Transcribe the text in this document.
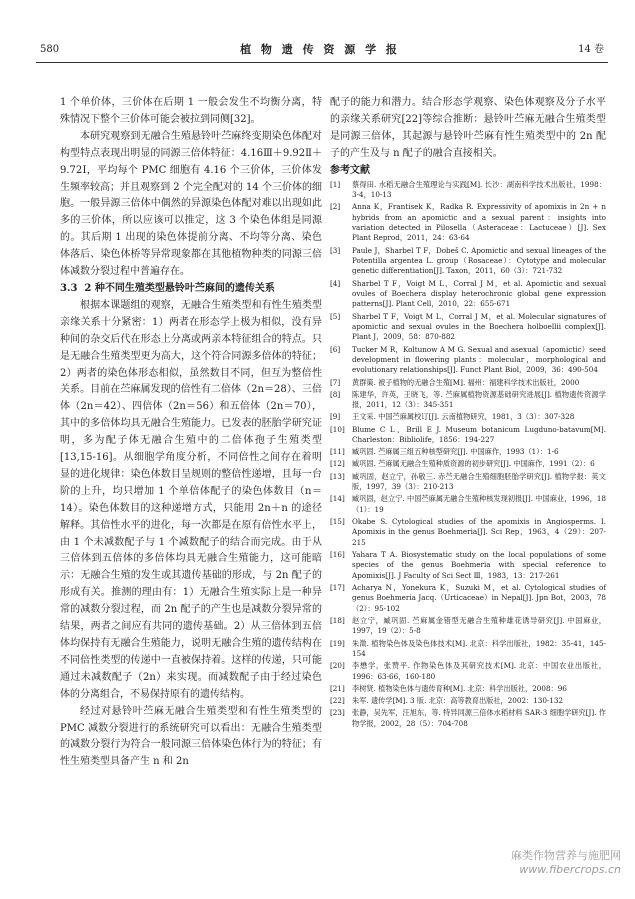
580	植 物 遗 传 资 源 学 报	14 卷

1 个单价体，三价体在后期 1 一般会发生不均衡分离，特殊情况下整个三价体可能会被拉到同侧[32]。

本研究观察到无融合生殖悬铃叶苎麻终变期染色体配对构型特点表现出明显的同源三倍体特征：4.16Ⅲ＋9.92Ⅱ＋9.72Ⅰ，平均每个 PMC 细胞有 4.16 个三价体，三价体发生频率较高；并且观察到 2 个完全配对的 14 个三价体的细胞。一般异源三倍体中偶然的异源染色体配对难以出现如此多的三价体，所以应该可以推定，这 3 个染色体组是同源的。其后期 1 出现的染色体提前分离、不均等分离、染色体落后、染色体桥等异常现象都在其他植物种类的同源三倍体减数分裂过程中普遍存在。

3.3 2 种不同生殖类型悬铃叶苎麻间的遗传关系

根据本课题组的观察，无融合生殖类型和有性生殖类型亲缘关系十分紧密：1）两者在形态学上极为相似，没有异种间的杂交后代在形态上分离或两亲本特征组合的特点。只是无融合生殖类型更为高大，这个符合同源多倍体的特征；2）两者的染色体形态相似，虽然数目不同，但互为整倍性关系。目前在苎麻属发现的倍性有二倍体（2n＝28）、三倍体（2n＝42）、四倍体（2n＝56）和五倍体（2n＝70），其中的多倍体均具无融合生殖能力。已发表的胚胎学研究证明，多为配子体无融合生殖中的二倍体孢子生殖类型[13,15-16]。从细胞学角度分析，不同倍性之间存在着明显的进化规律：染色体数目呈规则的整倍性递增，且每一台阶的上升，均只增加 1 个单倍体配子的染色体数目（n＝14）。染色体数目的这种递增方式，只能用 2n＋n 的途径解释。其倍性水平的进化，每一次都是在原有倍性水平上，由 1 个未减数配子与 1 个减数配子的结合而完成。由于从三倍体到五倍体的多倍体均具无融合生殖能力，这可能暗示：无融合生殖的发生或其遗传基础的形成，与 2n 配子的形成有关。推测的理由有：1）无融合生殖实际上是一种异常的减数分裂过程，而 2n 配子的产生也是减数分裂异常的结果，两者之间应有共同的遗传基础。2）从三倍体到五倍体均保持有无融合生殖能力，说明无融合生殖的遗传结构在不同倍性类型的传递中一直被保持着。这样的传递，只可能通过未减数配子（2n）来实现。而减数配子由于经过染色体的分离组合，不易保持原有的遗传结构。

经过对悬铃叶苎麻无融合生殖类型和有性生殖类型的 PMC 减数分裂进行的系统研究可以看出：无融合生殖类型的减数分裂行为符合一般同源三倍体染色体行为的特征；有性生殖类型具备产生 n 和 2n

配子的能力和潜力。结合形态学观察、染色体观察及分子水平的亲缘关系研究[22]等综合推断：悬铃叶苎麻无融合生殖类型是同源三倍体，其起源与悬铃叶苎麻有性生殖类型中的 2n 配子的产生及与 n 配子的融合直接相关。

参考文献

[1]	蔡得田. 水稻无融合生殖理论与实践[M]. 长沙：湖南科学技术出版社，1998：3-4，10-13
[2]	Anna K，Frantisek K，Radka R. Expressivity of apomixis in 2n + n hybrids from an apomictic and a sexual parent：insights into variation detected in Pilosella（Asteraceae：Lactuceae）[J]. Sex Plant Reprod，2011，24：63-64
[3]	Paule J，Sharbel T F，Dobeš C. Apomictic and sexual lineages of the Potentilla argentea L. group（Rosaceae）：Cytotype and molecular genetic differentiation[J]. Taxon，2011，60（3）：721-732
[4]	Sharbel T F，Voigt M L，Corral J M，et al. Apomictic and sexual ovules of Boechera display heterochronic global gene expression patterns[J]. Plant Cell，2010，22：655-671
[5]	Sharbel T F，Voigt M L，Corral J M，et al. Molecular signatures of apomictic and sexual ovules in the Boechera holboellii complex[J]. Plant J，2009，58：870-882
[6]	Tucker M R，Koltunow A M G. Sexual and asexual（apomictic）seed development in flowering plants：molecular，morphological and evolutionary relationships[J]. Funct Plant Biol，2009，36：490-504
[7]	黄群策. 被子植物的无融合生殖[M]. 福州：福建科学技术出版社，2000
[8]	陈建华，许英，王晓飞，等. 苎麻属植物资源基础研究进展[J]. 植物遗传资源学报，2011，12（3）：345-351
[9]	王文采. 中国苎麻属校订[J]. 云南植物研究，1981，3（3）：307-328
[10]	Blume C L，Brill E J. Museum botanicum Lugduno-batavum[M]. Charleston：Bibliolife，1856：194-227
[11]	臧巩固. 苎麻属三组五种核型研究[J]. 中国麻作，1993（1）：1-6
[12]	臧巩固. 苎麻属无融合生殖种质资源的初步研究[J]. 中国麻作，1991（2）：6
[13]	臧巩固，赵立宁，孙敬三. 赤苎无融合生殖细胞胚胎学研究[J]. 植物学报：英文版，1997，39（3）：210-213
[14]	臧巩固，赵立宁. 中国苎麻属无融合生殖种核发现初报[J]. 中国麻业，1996，18（1）：19
[15]	Okabe S. Cytological studies of the apomixis in Angiosperms. I. Apomixis in the genus Boehmeria[J]. Sci Rep，1963，4（29）：207-215
[16]	Yahara T A. Biosystematic study on the local populations of some species of the genus Boehmeria with special reference to Apomixis[J]. J Faculty of Sci Sect Ⅲ，1983，13：217-261
[17]	Acharya N，Yonekura K，Suzuki M，et al. Cytological studies of genus Boehmeria Jacq.（Urticaceae）in Nepal[J]. Jpn Bot，2003，78（2）：95-102
[18]	赵立宁，臧巩固. 苎麻属金错型无融合生殖种雄花诱导研究[J]. 中国麻业，1997，19（2）：5-8
[19]	朱澂. 植物染色体及染色体技术[M]. 北京：科学出版社，1982：35-41，145-154
[20]	李懋学，张赞平. 作物染色体及其研究技术[M]. 北京：中国农业出版社，1996：63-66，160-180
[21]	李树贤. 植物染色体与遗传育种[M]. 北京：科学出版社，2008：96
[22]	朱军. 遗传学[M]. 3 版. 北京：高等教育出版社，2002：130-132
[23]	张静，吴先军，汪旭东，等. 特异同源三倍体水稻材料 SAR-3 细胞学研究[J]. 作物学报，2002，28（5）：704-708
麻类作物营养与施肥网
www.fibercrops.cn
